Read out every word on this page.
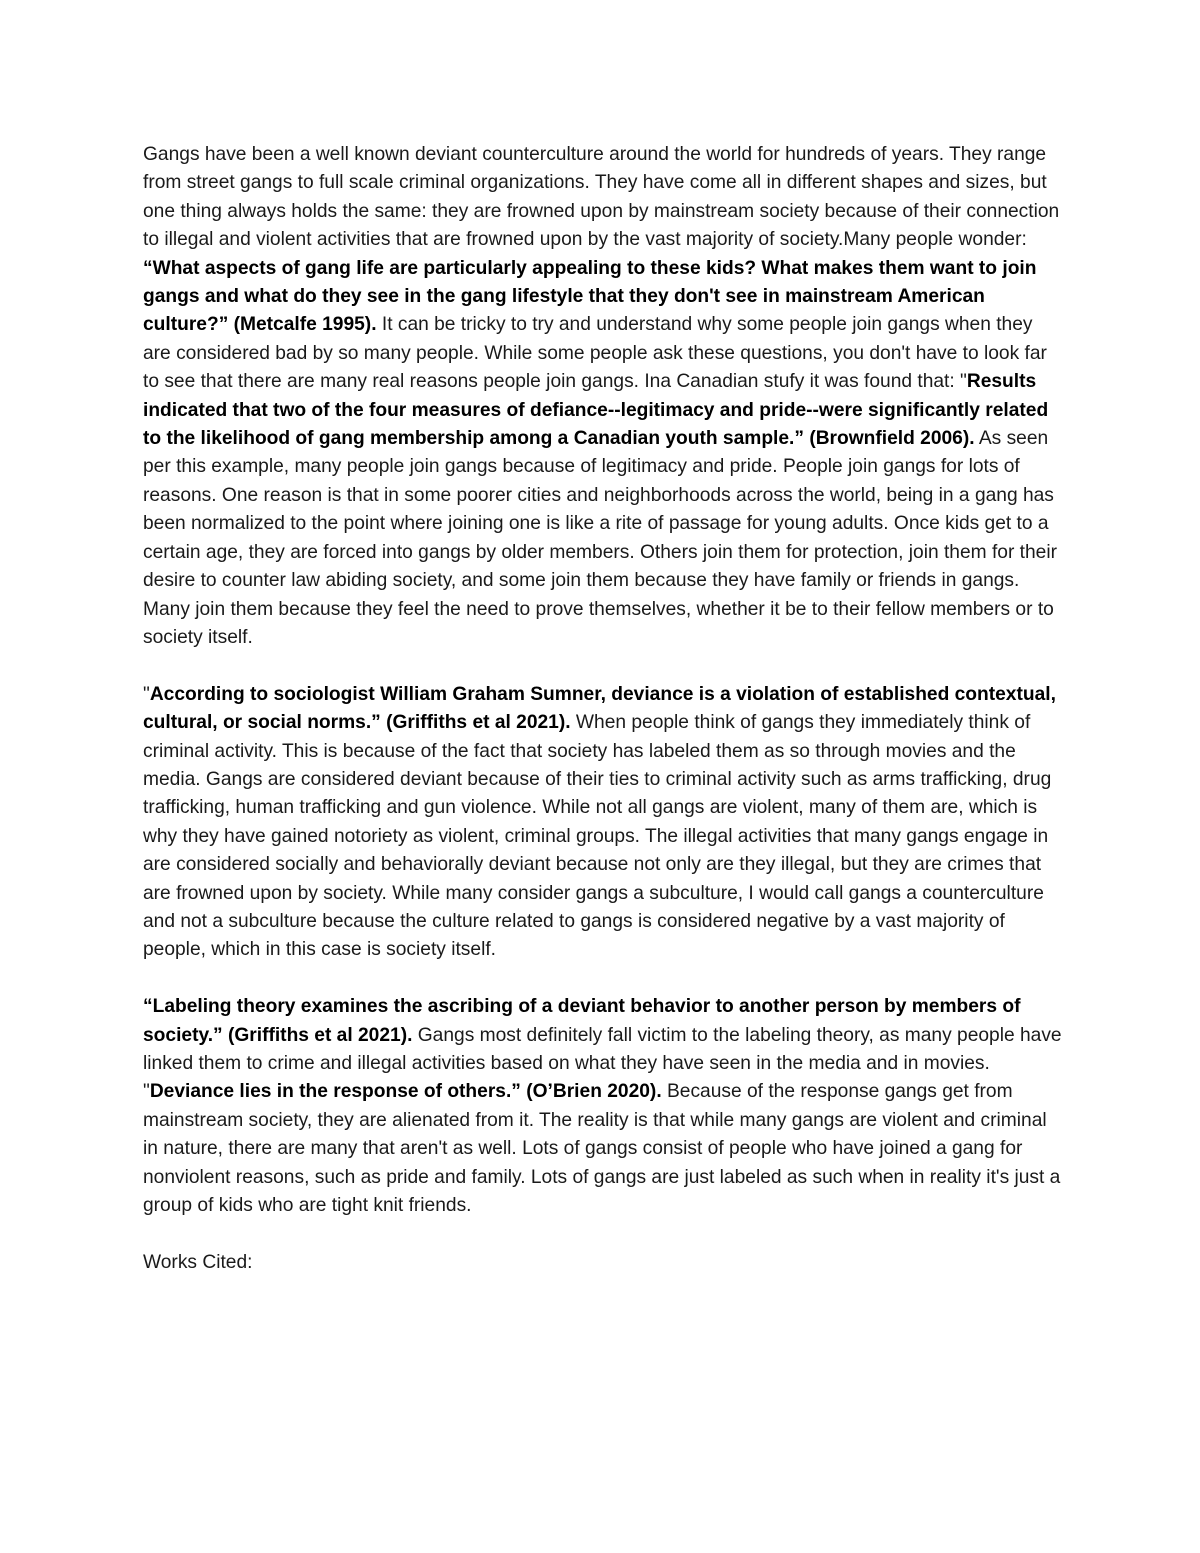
Gangs have been a well known deviant counterculture around the world for hundreds of years. They range from street gangs to full scale criminal organizations. They have come all in different shapes and sizes, but one thing always holds the same: they are frowned upon by mainstream society because of their connection to illegal and violent activities that are frowned upon by the vast majority of society.Many people wonder: “What aspects of gang life are particularly appealing to these kids? What makes them want to join gangs and what do they see in the gang lifestyle that they don't see in mainstream American culture?” (Metcalfe 1995). It can be tricky to try and understand why some people join gangs when they are considered bad by so many people. While some people ask these questions, you don't have to look far to see that there are many real reasons people join gangs. Ina Canadian stufy it was found that: "Results indicated that two of the four measures of defiance--legitimacy and pride--were significantly related to the likelihood of gang membership among a Canadian youth sample.” (Brownfield 2006). As seen per this example, many people join gangs because of legitimacy and pride. People join gangs for lots of reasons. One reason is that in some poorer cities and neighborhoods across the world, being in a gang has been normalized to the point where joining one is like a rite of passage for young adults. Once kids get to a certain age, they are forced into gangs by older members. Others join them for protection, join them for their desire to counter law abiding society, and some join them because they have family or friends in gangs. Many join them because they feel the need to prove themselves, whether it be to their fellow members or to society itself.

"According to sociologist William Graham Sumner, deviance is a violation of established contextual, cultural, or social norms.” (Griffiths et al 2021). When people think of gangs they immediately think of criminal activity. This is because of the fact that society has labeled them as so through movies and the media. Gangs are considered deviant because of their ties to criminal activity such as arms trafficking, drug trafficking, human trafficking and gun violence. While not all gangs are violent, many of them are, which is why they have gained notoriety as violent, criminal groups. The illegal activities that many gangs engage in are considered socially and behaviorally deviant because not only are they illegal, but they are crimes that are frowned upon by society. While many consider gangs a subculture, I would call gangs a counterculture and not a subculture because the culture related to gangs is considered negative by a vast majority of people, which in this case is society itself.

“Labeling theory examines the ascribing of a deviant behavior to another person by members of society.” (Griffiths et al 2021). Gangs most definitely fall victim to the labeling theory, as many people have linked them to crime and illegal activities based on what they have seen in the media and in movies. "Deviance lies in the response of others.” (O’Brien 2020). Because of the response gangs get from mainstream society, they are alienated from it. The reality is that while many gangs are violent and criminal in nature, there are many that aren't as well. Lots of gangs consist of people who have joined a gang for nonviolent reasons, such as pride and family. Lots of gangs are just labeled as such when in reality it's just a group of kids who are tight knit friends.

Works Cited:
